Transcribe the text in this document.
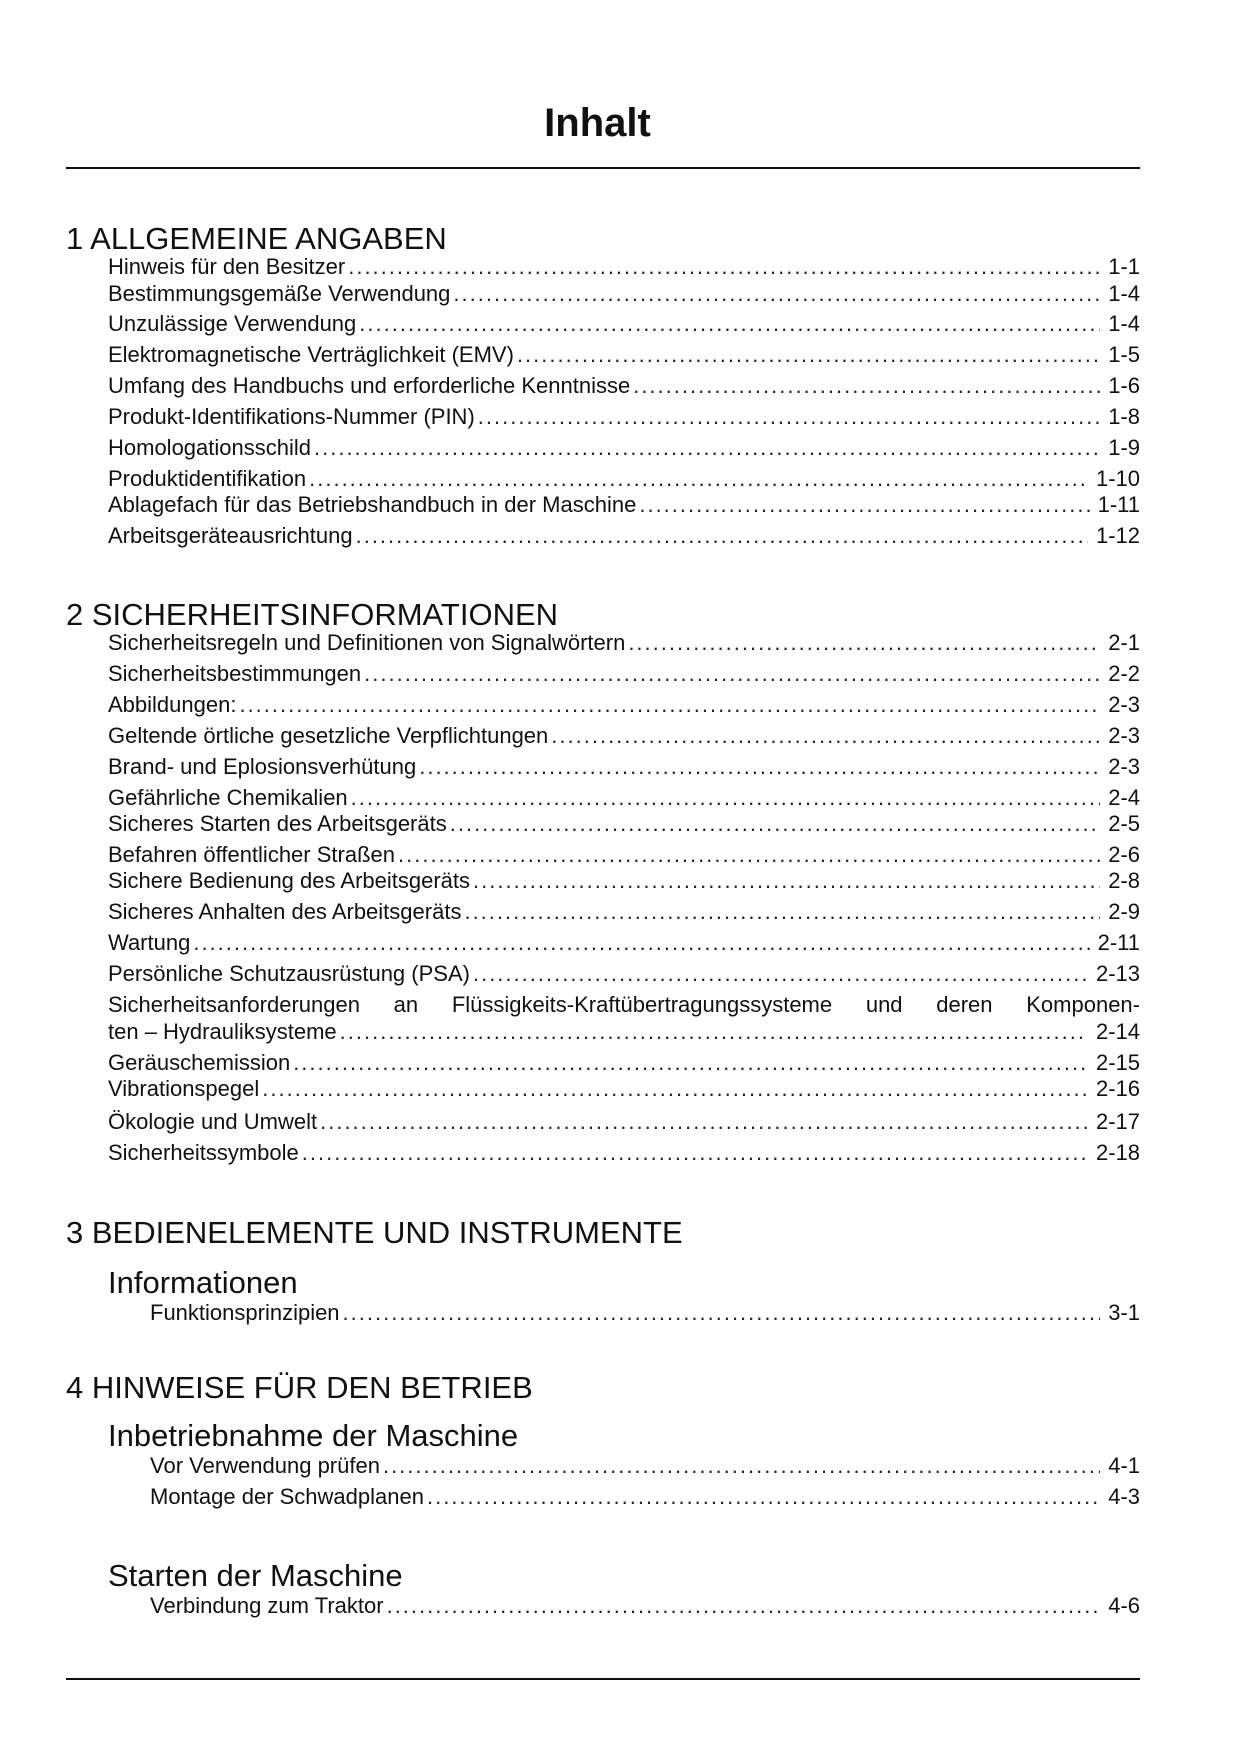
Inhalt
1 ALLGEMEINE ANGABEN
Hinweis für den Besitzer .....	1-1
Bestimmungsgemäße Verwendung .....	1-4
Unzulässige Verwendung .....	1-4
Elektromagnetische Verträglichkeit (EMV) .....	1-5
Umfang des Handbuchs und erforderliche Kenntnisse .....	1-6
Produkt-Identifikations-Nummer (PIN) .....	1-8
Homologationsschild .....	1-9
Produktidentifikation .....	1-10
Ablagefach für das Betriebshandbuch in der Maschine .....	1-11
Arbeitsgeräteausrichtung .....	1-12
2 SICHERHEITSINFORMATIONEN
Sicherheitsregeln und Definitionen von Signalwörtern .....	2-1
Sicherheitsbestimmungen .....	2-2
Abbildungen: .....	2-3
Geltende örtliche gesetzliche Verpflichtungen .....	2-3
Brand- und Eplosionsverhütung .....	2-3
Gefährliche Chemikalien .....	2-4
Sicheres Starten des Arbeitsgeräts .....	2-5
Befahren öffentlicher Straßen .....	2-6
Sichere Bedienung des Arbeitsgeräts .....	2-8
Sicheres Anhalten des Arbeitsgeräts .....	2-9
Wartung .....	2-11
Persönliche Schutzausrüstung (PSA) .....	2-13
Sicherheitsanforderungen an Flüssigkeits-Kraftübertragungssysteme und deren Komponen-
ten – Hydrauliksysteme .....	2-14
Geräuschemission .....	2-15
Vibrationspegel .....	2-16
Ökologie und Umwelt .....	2-17
Sicherheitssymbole .....	2-18
3 BEDIENELEMENTE UND INSTRUMENTE
Informationen
Funktionsprinzipien .....	3-1
4 HINWEISE FÜR DEN BETRIEB
Inbetriebnahme der Maschine
Vor Verwendung prüfen .....	4-1
Montage der Schwadplanen .....	4-3
Starten der Maschine
Verbindung zum Traktor .....	4-6
